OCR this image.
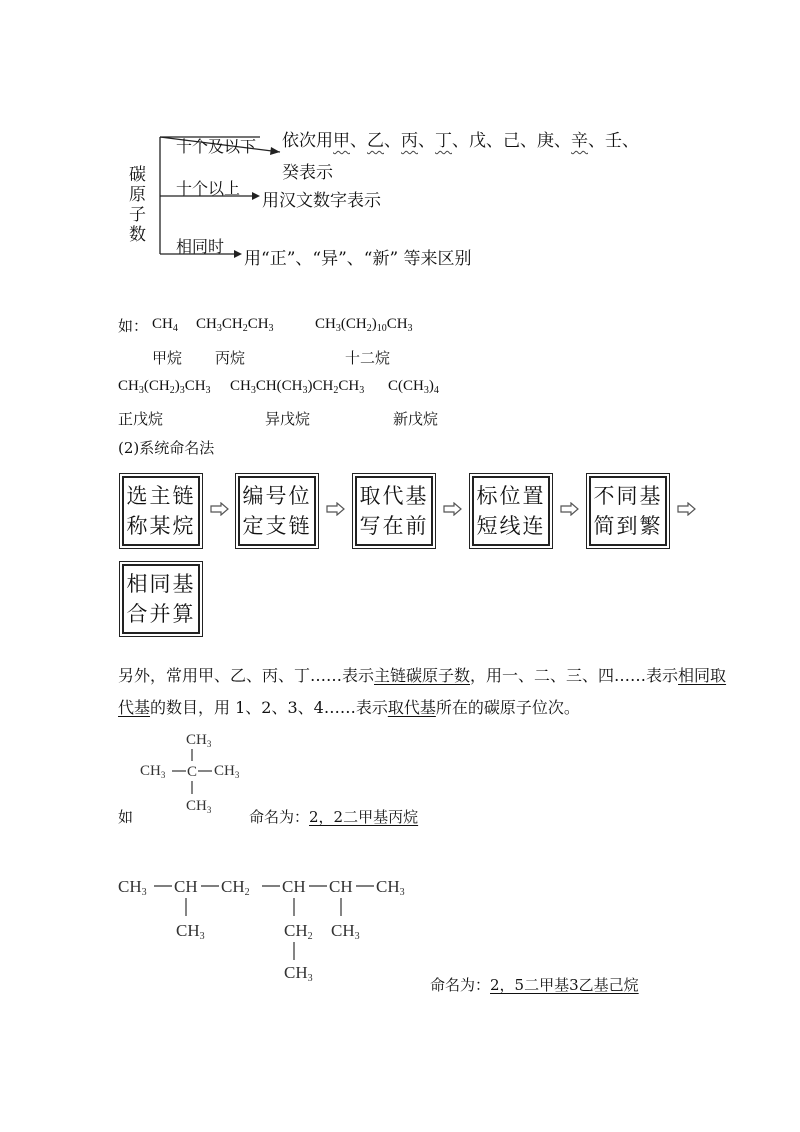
碳
原
子
数
十个及以下 依次用甲、乙、丙、丁、戊、己、庚、辛、壬、
癸表示
十个以上
用汉文数字表示
相同时
用“正”、“异”、“新” 等来区别
如： $CH_4$ $CH_3CH_2CH_3$	$CH_3(CH_2)_{10}CH_3$
甲烷 丙烷	十二烷
$CH_3(CH_2)_3CH_3$ $CH_3CH(CH_3)CH_2CH_3$ $C(CH_3)_4$
正戊烷	异戊烷	新戊烷
(2)系统命名法
选主链
称某烷
编号位
定支链
取代基
写在前
标位置
短线连
不同基
简到繁
相同基
合并算
另外，常用甲、乙、丙、丁……表示主链碳原子数，用一、二、三、四……表示相同取
代基的数目，用 1、2、3、4……表示取代基所在的碳原子位次。
$CH_3$
$CH_3$ C $CH_3$
$CH_3$
如	命名为：2，2二甲基丙烷
CH3 CH CH2 CH CH CH3
CH3	CH2
CH3
CH3
命名为：2，5二甲基3乙基己烷
